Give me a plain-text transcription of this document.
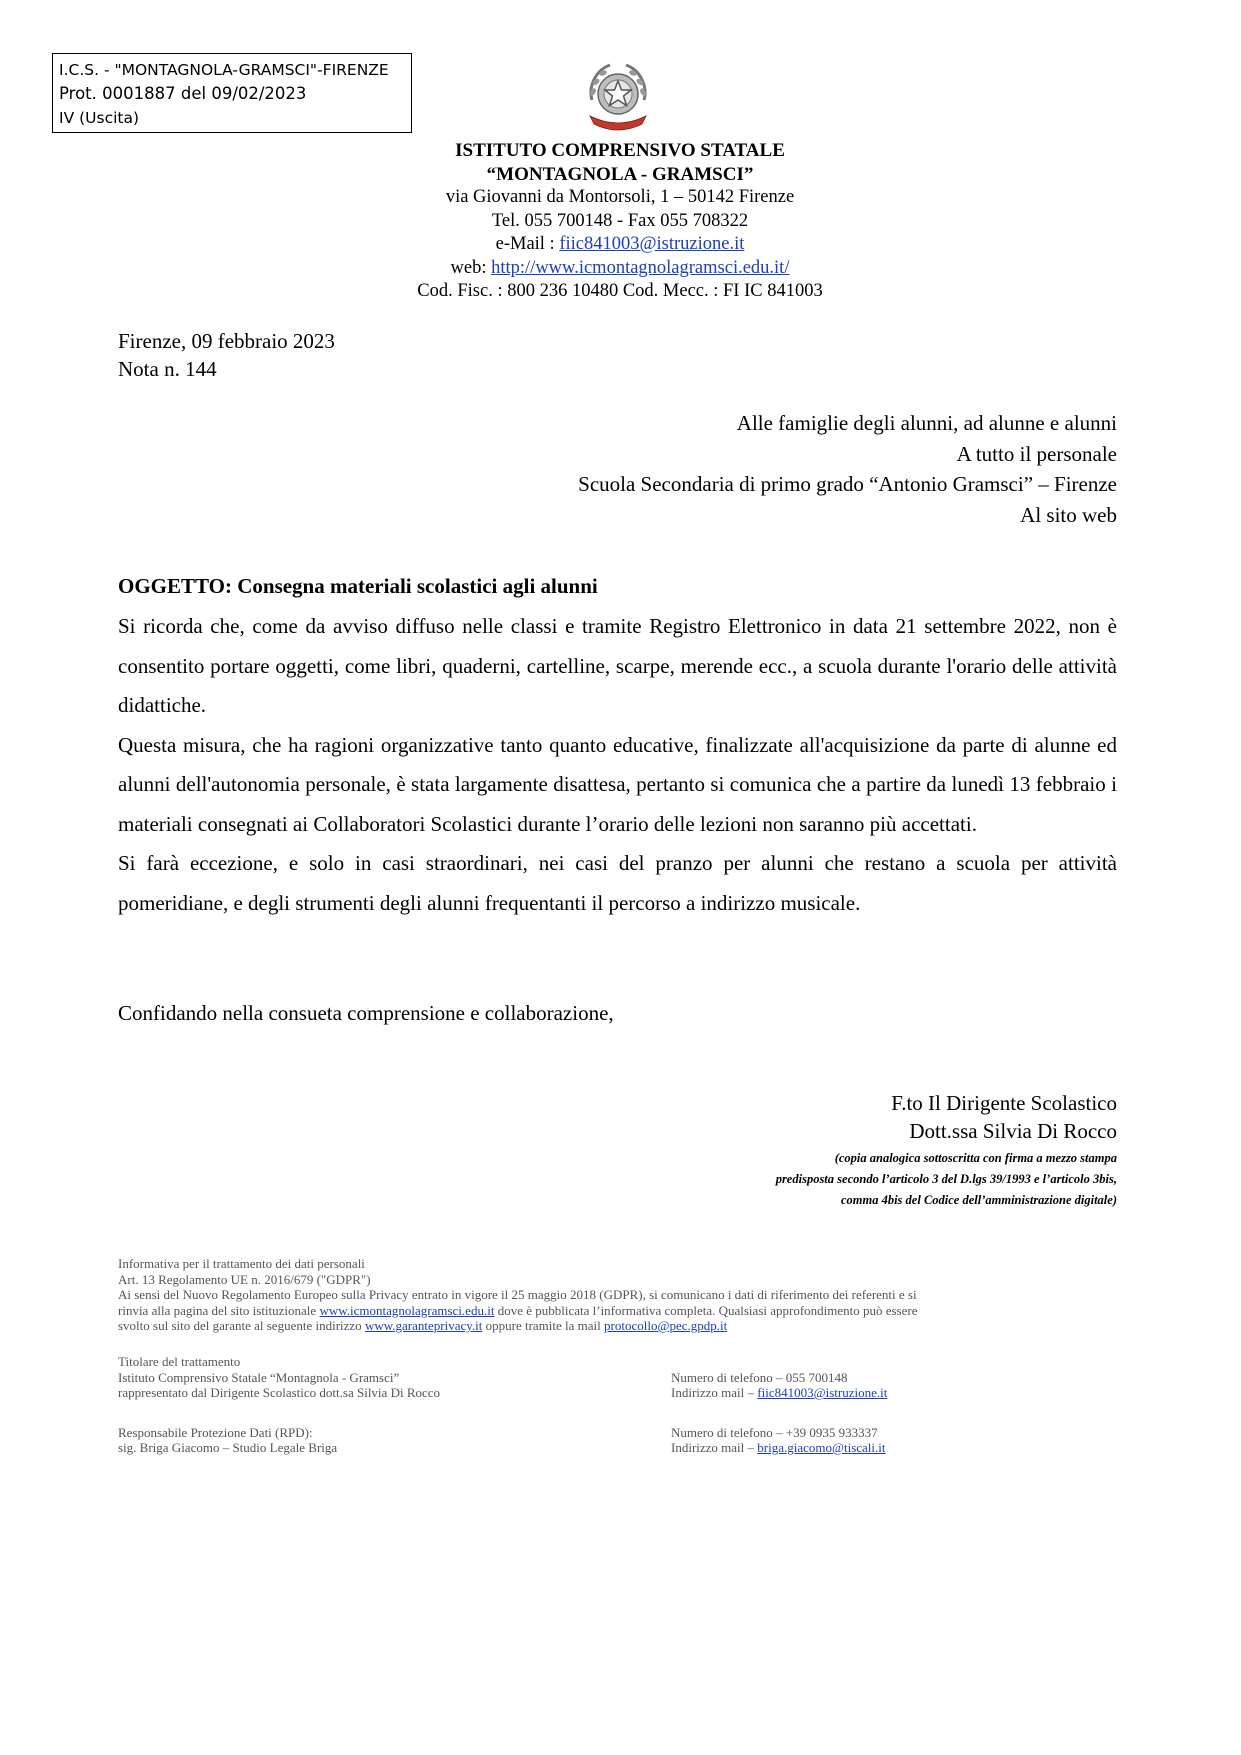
I.C.S. - "MONTAGNOLA-GRAMSCI"-FIRENZE
Prot. 0001887 del 09/02/2023
IV (Uscita)
ISTITUTO COMPRENSIVO STATALE
“MONTAGNOLA - GRAMSCI”
via Giovanni da Montorsoli, 1 – 50142 Firenze
Tel. 055 700148 - Fax 055 708322
e-Mail : fiic841003@istruzione.it
web: http://www.icmontagnolagramsci.edu.it/
Cod. Fisc. : 800 236 10480 Cod. Mecc. : FI IC 841003
Firenze, 09 febbraio 2023
Nota n. 144
Alle famiglie degli alunni, ad alunne e alunni
A tutto il personale
Scuola Secondaria di primo grado “Antonio Gramsci” – Firenze
Al sito web

OGGETTO: Consegna materiali scolastici agli alunni

Si ricorda che, come da avviso diffuso nelle classi e tramite Registro Elettronico in data 21 settembre 2022, non è consentito portare oggetti, come libri, quaderni, cartelline, scarpe, merende ecc., a scuola durante l'orario delle attività didattiche.

Questa misura, che ha ragioni organizzative tanto quanto educative, finalizzate all'acquisizione da parte di alunne ed alunni dell'autonomia personale, è stata largamente disattesa, pertanto si comunica che a partire da lunedì 13 febbraio i materiali consegnati ai Collaboratori Scolastici durante l’orario delle lezioni non saranno più accettati.

Si farà eccezione, e solo in casi straordinari, nei casi del pranzo per alunni che restano a scuola per attività pomeridiane, e degli strumenti degli alunni frequentanti il percorso a indirizzo musicale.

Confidando nella consueta comprensione e collaborazione,
F.to Il Dirigente Scolastico
Dott.ssa Silvia Di Rocco
(copia analogica sottoscritta con firma a mezzo stampa
predisposta secondo l’articolo 3 del D.lgs 39/1993 e l’articolo 3bis,
comma 4bis del Codice dell’amministrazione digitale)
Informativa per il trattamento dei dati personali
Art. 13 Regolamento UE n. 2016/679 ("GDPR")
Ai sensi del Nuovo Regolamento Europeo sulla Privacy entrato in vigore il 25 maggio 2018 (GDPR), si comunicano i dati di riferimento dei referenti e si
rinvia alla pagina del sito istituzionale www.icmontagnolagramsci.edu.it dove è pubblicata l’informativa completa. Qualsiasi approfondimento può essere
svolto sul sito del garante al seguente indirizzo www.garanteprivacy.it oppure tramite la mail protocollo@pec.gpdp.it
Titolare del trattamento
Istituto Comprensivo Statale “Montagnola - Gramsci”	Numero di telefono – 055 700148
rappresentato dal Dirigente Scolastico dott.sa Silvia Di Rocco	Indirizzo mail – fiic841003@istruzione.it
Responsabile Protezione Dati (RPD):	Numero di telefono – +39 0935 933337
sig. Briga Giacomo – Studio Legale Briga	Indirizzo mail – briga.giacomo@tiscali.it
